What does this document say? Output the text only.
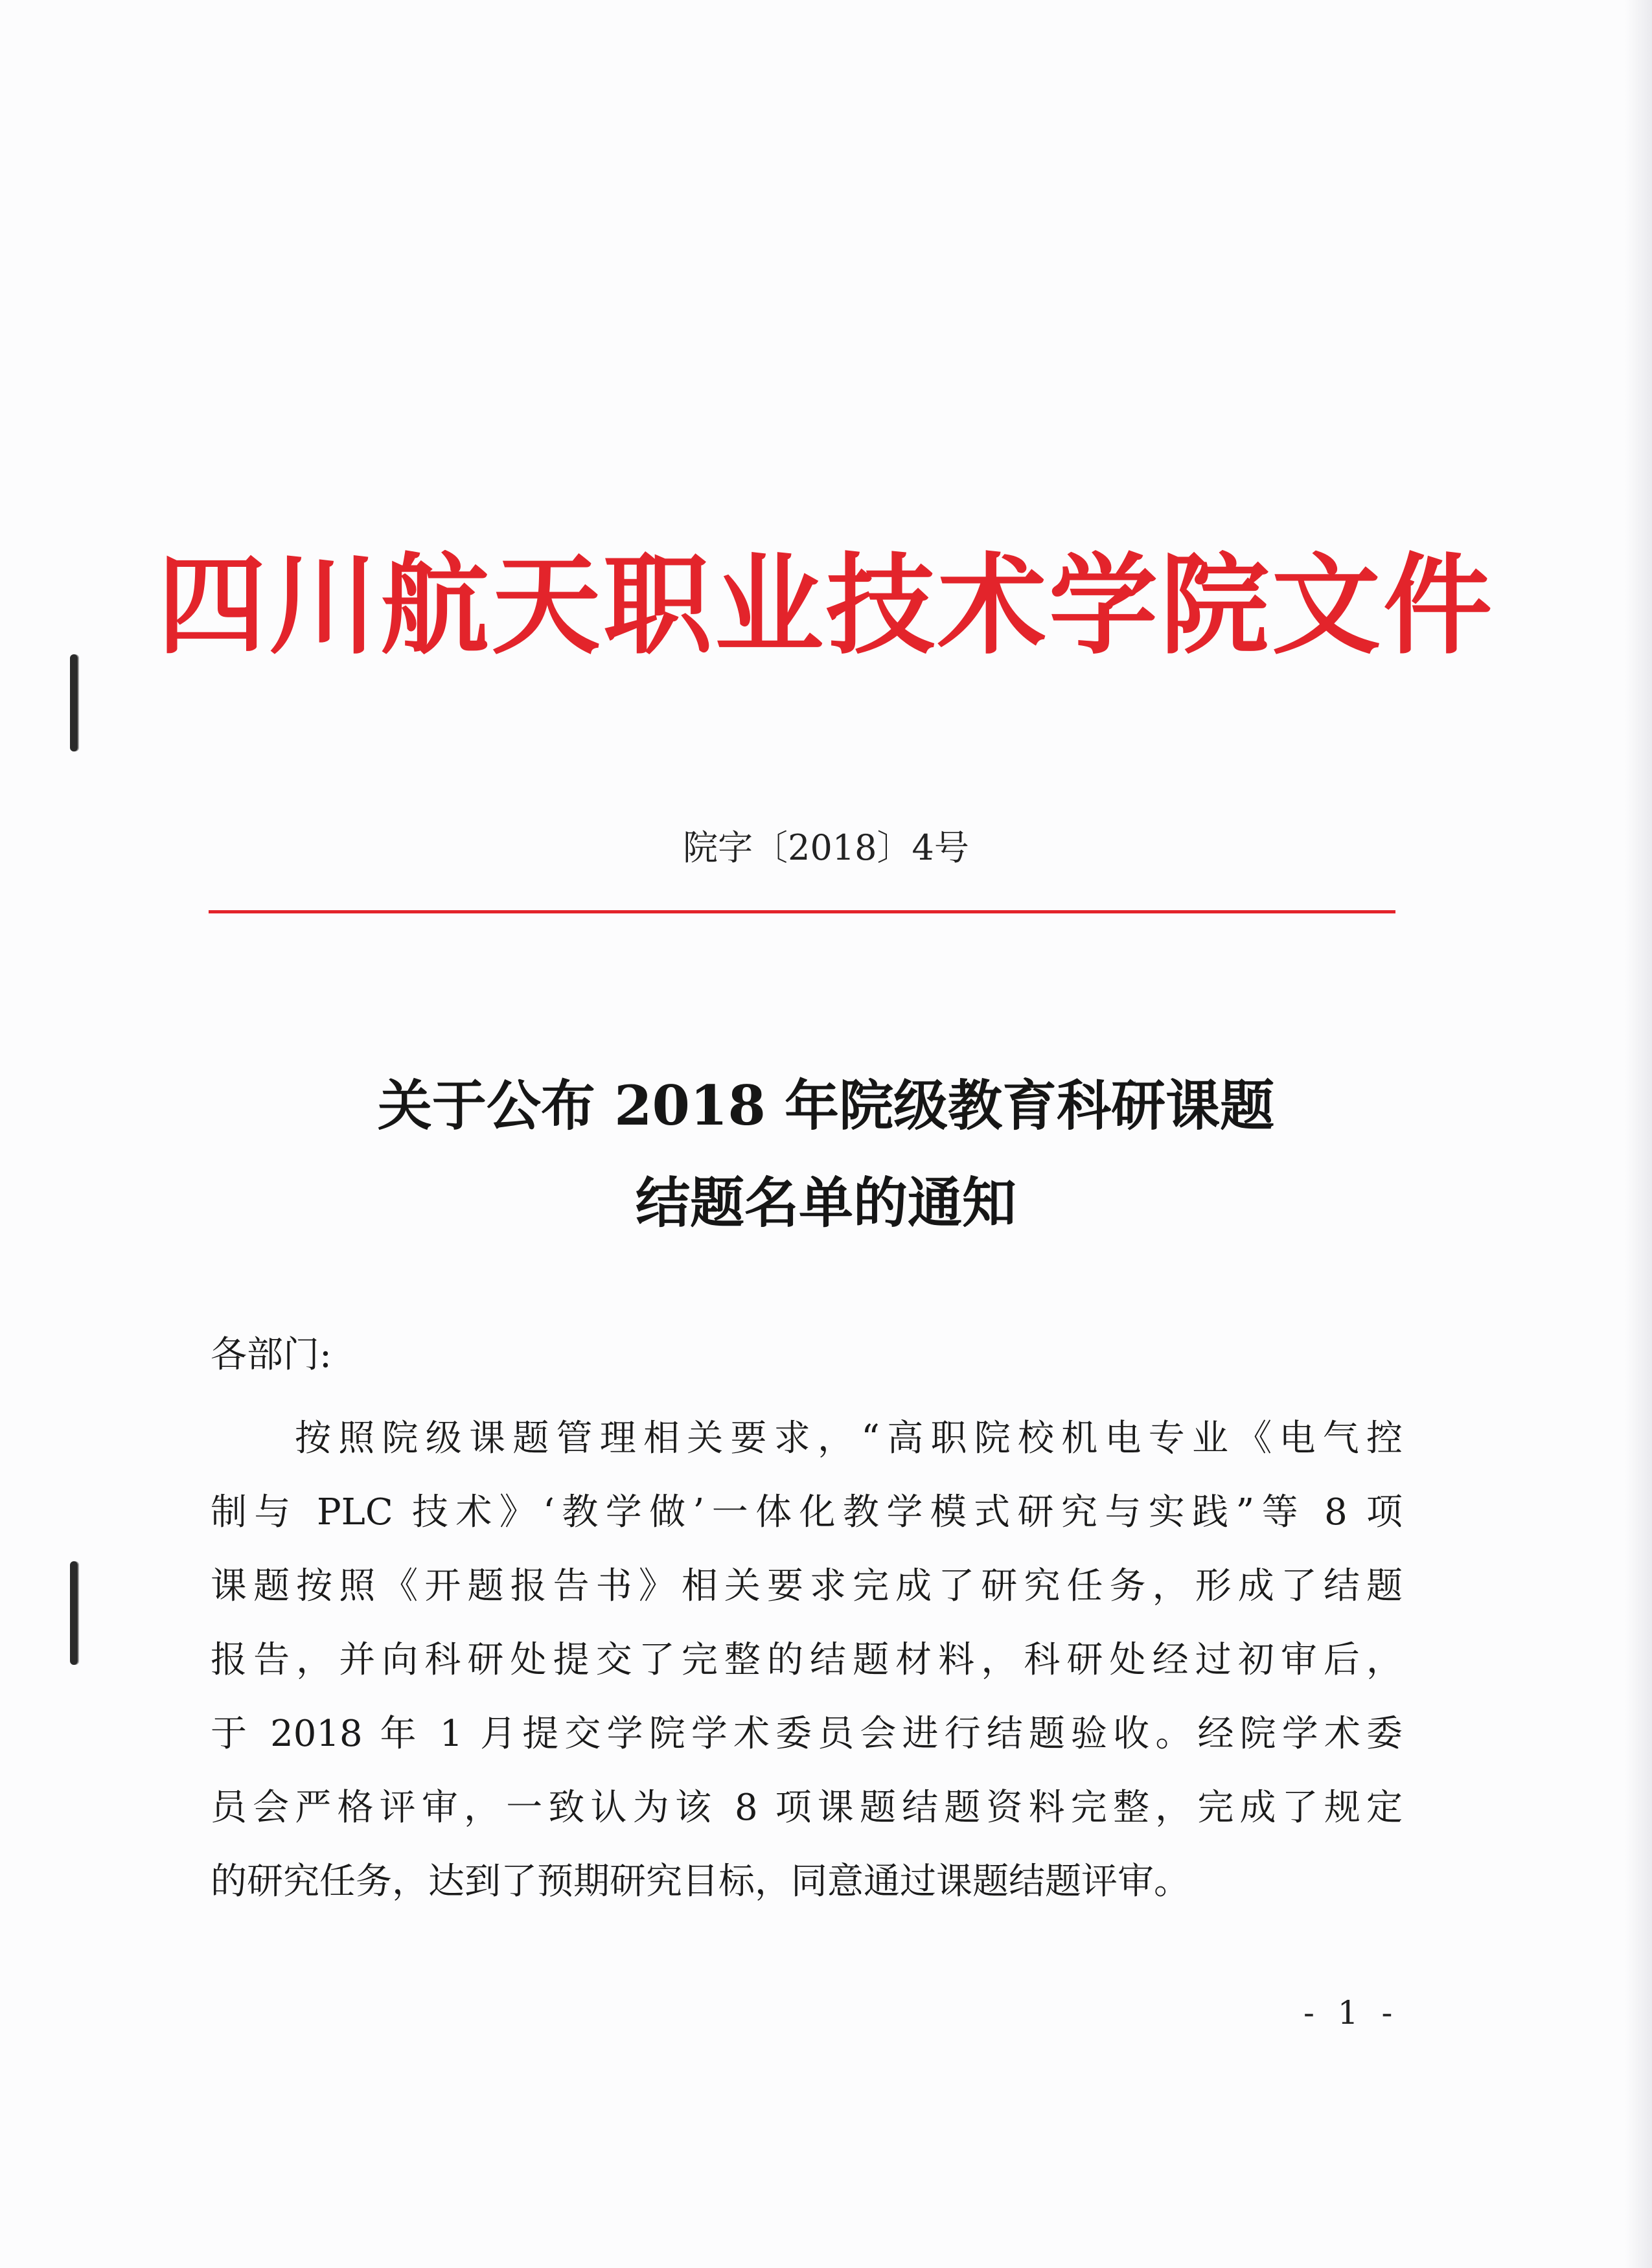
四川航天职业技术学院文件
院字〔2018〕4号
关于公布 2018 年院级教育科研课题
结题名单的通知
各部门:
按照院级课题管理相关要求，“高职院校机电专业《电气控
制与 PLC 技术》‘教学做’一体化教学模式研究与实践”等 8 项
课题按照《开题报告书》相关要求完成了研究任务，形成了结题
报告，并向科研处提交了完整的结题材料，科研处经过初审后，
于 2018 年 1 月提交学院学术委员会进行结题验收。经院学术委
员会严格评审，一致认为该 8 项课题结题资料完整，完成了规定
的研究任务，达到了预期研究目标，同意通过课题结题评审。
- 1 -
